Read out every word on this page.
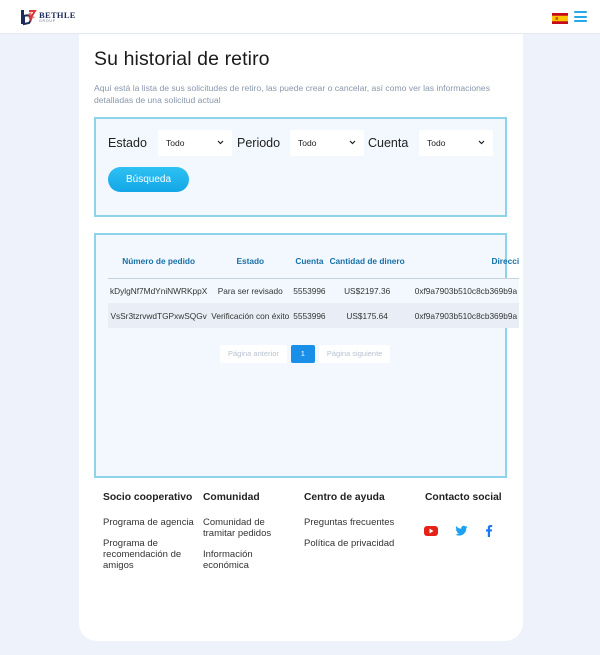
BETHLE
GROUP
Su historial de retiro

Aquí está la lista de sus solicitudes de retiro, las puede crear o cancelar, así como ver las informaciones detalladas de una solicitud actual

Estado	Todo	Periodo	Todo	Cuenta	Todo
Búsqueda
Número de pedido	Estado	Cuenta	Cantidad de dinero	Direcci
kDylgNf7MdYniNWRKppX	Para ser revisado	5553996	US$2197.36	0xf9a7903b510c8cb369b9a
VsSr3tzrvwdTGPxwSQGv	Verificación con éxito	5553996	US$175.64	0xf9a7903b510c8cb369b9a
Página anterior	1	Página siguiente
Socio cooperativo
Programa de agencia
Programa de recomendación de amigos
Comunidad
Comunidad de tramitar pedidos
Información económica
Centro de ayuda
Preguntas frecuentes
Política de privacidad
Contacto social
